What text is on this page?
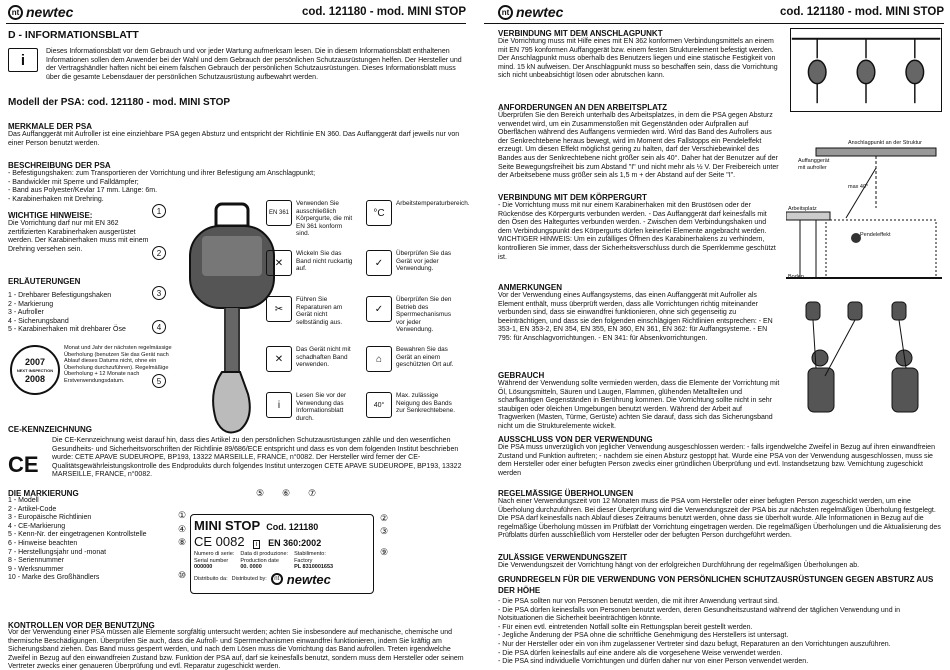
nt newtec	cod. 121180 - mod. MINI STOP
D - INFORMATIONSBLATT
i	Dieses Informationsblatt vor dem Gebrauch und vor jeder Wartung aufmerksam lesen. Die in diesem Informationsblatt enthaltenen Informationen sollen dem Anwender bei der Wahl und dem Gebrauch der persönlichen Schutzausrüstungen helfen. Der Hersteller und der Vertragshändler haften nicht bei einem falschen Gebrauch der persönlichen Schutzausrüstungen. Dieses Informationsblatt muss über die gesamte Lebensdauer der persönlichen Schutzausrüstung aufbewahrt werden.

Modell der PSA: cod. 121180 - mod. MINI STOP
MERKMALE DER PSA

Das Auffanggerät mit Aufroller ist eine einziehbare PSA gegen Absturz und entspricht der Richtlinie EN 360. Das Auffanggerät darf jeweils nur von einer Person benutzt werden.

BESCHREIBUNG DER PSA
- Befestigungshaken: zum Transportieren der Vorrichtung und ihrer Befestigung am Anschlagpunkt;
- Bandwickler mit Sperre und Falldämpfer;
- Band aus Polyester/Kevlar 17 mm. Länge: 6m.
- Karabinerhaken mit Drehring.
WICHTIGE HINWEISE:

Die Vorrichtung darf nur mit EN 362 zertifizierten Karabinerhaken ausgerüstet werden. Der Karabinerhaken muss mit einem Drehring versehen sein.

ERLÄUTERUNGEN
1 - Drehbarer Befestigungshaken
2 - Markierung
3 - Aufroller
4 - Sicherungsband
5 - Karabinerhaken mit drehbarer Öse
2007
NEXT INSPECTION
2008

Monat und Jahr der nächsten regelmässige Überholung (benutzen Sie das Gerät nach Ablauf dieses Datums nicht, ohne ein Überholung durchzuführen). Regelmäßige Überholung + 12 Monate nach Erstverwendungsdatum.

1
2
3
4
5
EN 361
Verwenden Sie ausschließlich Körpergurte, die mit EN 361 konform sind.
°C
Arbeitstemperaturbereich.
✕
Wickeln Sie das Band nicht ruckartig auf.
✓
Überprüfen Sie das Gerät vor jeder Verwendung.
✂
Führen Sie Reparaturen am Gerät nicht selbständig aus.
✓
Überprüfen Sie den Betrieb des Sperrmechanismus vor jeder Verwendung.
✕
Das Gerät nicht mit schadhaften Band verwenden.
⌂
Bewahren Sie das Gerät an einem geschützten Ort auf.
i
Lesen Sie vor der Verwendung das Informationsblatt durch.
40°
Max. zulässige Neigung des Bands zur Senkrechtebene.
CE-KENNZEICHNUNG
CE

Die CE-Kennzeichnung weist darauf hin, dass dies Artikel zu den persönlichen Schutzausrüstungen zählle und den wesentlichen Gesundheits- und Sicherheitsvorschriften der Richtlinie 89/686/ECE entspricht und dass es von dem folgenden Institut beschrieben wurde: CETE APAVE SUDEUROPE, BP193, 13322 MARSEILLE, FRANCE, n°0082. Der Hersteller wird ferner der CE-Qualitätsgewährleistungskontrolle des Endprodukts durch folgendes Institut unterzogen CETE APAVE SUDEUROPE, BP193, 13322 MARSEILLE, FRANCE, n°0082.

DIE MARKIERUNG
1 - Modell
2 - Artikel-Code
3 - Europäische Richtlinien
4 - CE-Markierung
5 - Kenn-Nr. der eingetragenen Kontrollstelle
6 - Hinweise beachten
7 - Herstellungsjahr und -monat
8 - Seriennummer
9 - Werksnummer
10 - Marke des Großhändlers
⑤ ⑥ ⑦
①
④
⑧
⑩
②
③
⑨
MINI STOP Cod. 121180
CE 0082	i	EN 360:2002
Numero di serie:
Serial number
000000
Data di produzione:
Production date
00. 0000
Stabilimento:
Factory
PL 8310001653
Distribuito da: Distributed by:	nt newtec
KONTROLLEN VOR DER BENUTZUNG

Vor der Verwendung einer PSA müssen alle Elemente sorgfältig untersucht werden; achten Sie insbesondere auf mechanische, chemische und thermische Beschädigungen. Überprüfen Sie auch, dass die Aufroll- und Sperrmechanismen einwandfrei funktionieren, indem Sie kräftig am Sicherungsband ziehen. Das Band muss gesperrt werden, und nach dem Lösen muss die Vorrichtung das Band aufrollen. Treten irgendwelche Zweifel in Bezug auf den einwandfreien Zustand bzw. Funktion der PSA auf, darf sie keinesfalls benutzt, sondern muss dem Hersteller oder seinem Vertreter zwecks einer genaueren Überprüfung und evtl. Reparatur zugeschickt werden.

nt newtec	cod. 121180 - mod. MINI STOP
VERBINDUNG MIT DEM ANSCHLAGPUNKT

Die Vorrichtung muss mit Hilfe eines mit EN 362 konformen Verbindungsmittels an einem mit EN 795 konformen Auffanggerät bzw. einem festen Strukturelement befestigt werden. Der Anschlagpunkt muss oberhalb des Benutzers liegen und eine statische Festigkeit von mind. 15 kN aufweisen. Der Anschlagpunkt muss so beschaffen sein, dass die Vorrichtung sich nicht unbeabsichtigt lösen oder abrutschen kann.

ANFORDERUNGEN AN DEN ARBEITSPLATZ

Überprüfen Sie den Bereich unterhalb des Arbeitsplatzes, in dem die PSA gegen Absturz verwendet wird, um ein Zusammenstoßen mit Gegenständen oder Aufprallen auf Oberflächen während des Auffangens vermieden wird. Wird das Band des Aufrollers aus der Senkrechtebene heraus bewegt, wird im Moment des Fallstopps ein Pendeleffekt erzeugt. Um diesen Effekt möglichst gering zu halten, darf der Verschiebewinkel des Bandes aus der Senkrechtebene nicht größer sein als 40°. Daher hat der Benutzer auf der Seite Bewegungsfreiheit bis zum Abstand "I" und nicht mehr als ½ V. Der Freibereich unter der Arbeitsebene muss größer sein als 1,5 m + der Abstand auf der Seite "I".

VERBINDUNG MIT DEM KÖRPERGURT

- Die Vorrichtung muss mit nur einem Karabinerhaken mit den Brustösen oder der Rückenöse des Körpergurts verbunden werden. - Das Auffanggerät darf keinesfalls mit den Ösen des Haltegurtes verbunden werden. - Zwischen dem Verbindungshaken und dem Verbindungspunkt des Körpergurts dürfen keinerlei Elemente angebracht werden. WICHTIGER HINWEIS: Um ein zufälliges Öffnen des Karabinerhakens zu verhindern, kontrollieren Sie immer, dass der Sicherheitsverschluss durch die Sperrklemme geschützt ist.

ANMERKUNGEN

Vor der Verwendung eines Auffangsystems, das einen Auffanggerät mit Aufroller als Element enthält, muss überprüft werden, dass alle Vorrichtungen richtig miteinander verbunden sind, dass sie einwandfrei funktionieren, ohne sich gegenseitig zu beeinträchtigen, und dass sie den folgenden einschlägigen Richtlinien entsprechen: - EN 353-1, EN 353-2, EN 354, EN 355, EN 360, EN 361, EN 362: für Auffangsysteme. - EN 795: für Anschlagvorrichtungen. - EN 341: für Absenkvorrichtungen.

GEBRAUCH

Während der Verwendung sollte vermieden werden, dass die Elemente der Vorrichtung mit Öl, Lösungsmitteln, Säuren und Laugen, Flammen, glühenden Metallteilen und scharfkantigen Gegenständen in Berührung kommen. Die Vorrichtung sollte nicht in sehr staubigen oder öleichen Umgebungen benutzt werden. Während der Arbeit auf Tragwerken (Masten, Türme, Gerüste) achten Sie darauf, dass sich das Sicherungsband nicht um die Strukturelemente wickelt.

AUSSCHLUSS VON DER VERWENDUNG

Die PSA muss unverzüglich von jeglicher Verwendung ausgeschlossen werden: - falls irgendwelche Zweifel in Bezug auf ihren einwandfreien Zustand und Funktion auftreten; - nachdem sie einen Absturz gestoppt hat. Wurde eine PSA von der Verwendung ausgeschlossen, muss sie dem Hersteller oder einer befugten Person zwecks einer gründlichen Überprüfung und evtl. Instandsetzung bzw. Vernichtung zugeschickt werden

REGELMÄSSIGE ÜBERHOLUNGEN

Nach einer Verwendungszeit von 12 Monaten muss die PSA vom Hersteller oder einer befugten Person zugeschickt werden, um eine Überholung durchzuführen. Bei dieser Überprüfung wird die Verwendungszeit der PSA bis zur nächsten regelmäßigen Überholung festgelegt. Die PSA darf keinesfalls nach Ablauf dieses Zeitraums benutzt werden, ohne dass sie überholt wurde. Alle Informationen in Bezug auf die regelmäßige Überholung müssen im Prüfblatt der Vorrichtung eingetragen werden. Die regelmäßigen Überholungen und die Aktualisierung des Prüfblatts dürfen ausschließlich vom Hersteller oder der befugten Person durchgeführt werden.

ZULÄSSIGE VERWENDUNGSZEIT

Die Verwendungszeit der Vorrichtung hängt von der erfolgreichen Durchführung der regelmäßigen Überholungen ab.

GRUNDREGELN FÜR DIE VERWENDUNG VON PERSÖNLICHEN SCHUTZAUSRÜSTUNGEN GEGEN ABSTURZ AUS DER HÖHE
- Die PSA sollten nur von Personen benutzt werden, die mit ihrer Anwendung vertraut sind.
- Die PSA dürfen keinesfalls von Personen benutzt werden, deren Gesundheitszustand während der täglichen Verwendung und in Notsituationen die Sicherheit beeinträchtigen könnte.
- Für einen evtl. eintretenden Notfall sollte ein Rettungsplan bereit gestellt werden.
- Jegliche Änderung der PSA ohne die schriftliche Genehmigung des Herstellers ist untersagt.
- Nur der Hersteller oder ein von ihm zugelassener Vertreter sind dazu befugt, Reparaturen an den Vorrichtungen auszuführen.
- Die PSA dürfen keinesfalls auf eine andere als die vorgesehene Weise verwendet werden.
- Die PSA sind individuelle Vorrichtungen und dürfen daher nur von einer Person verwendet werden.
Anschlagpunkt an der Struktur
Auffanggerät mit aufroller
max 40°
Arbeitsplatz
Pendeleffekt
Boden
